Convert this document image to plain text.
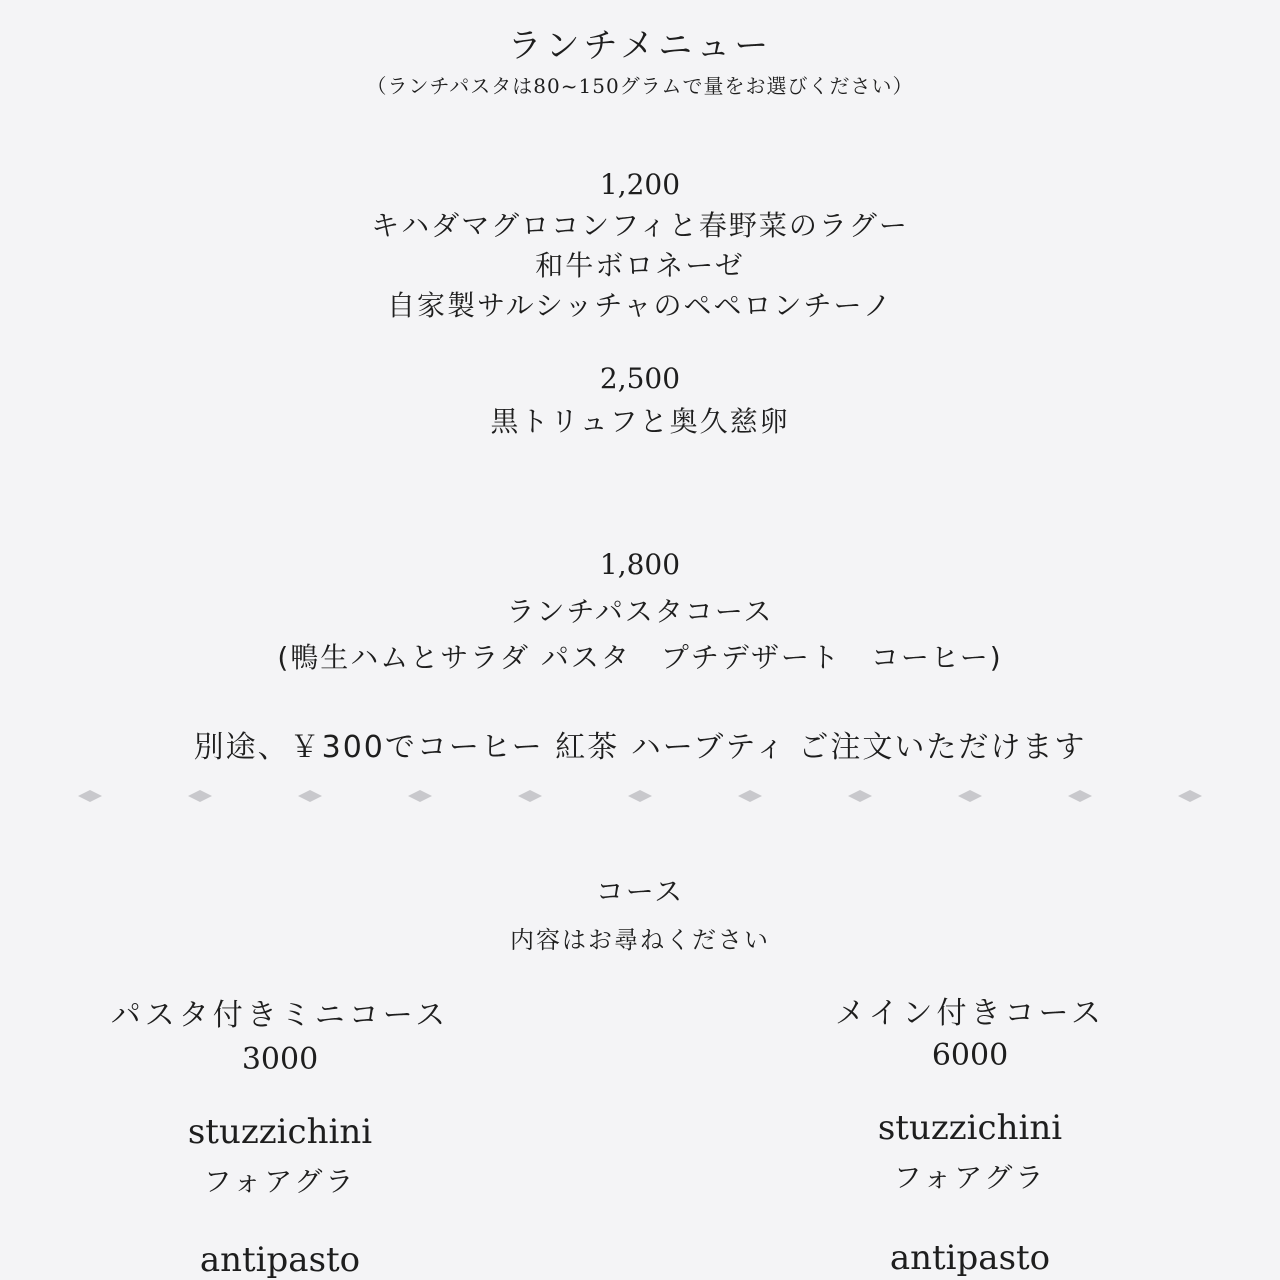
ランチメニュー
（ランチパスタは80~150グラムで量をお選びください）
1,200
キハダマグロコンフィと春野菜のラグー
和牛ボロネーゼ
自家製サルシッチャのペペロンチーノ
2,500
黒トリュフと奥久慈卵
1,800
ランチパスタコース
(鴨生ハムとサラダ パスタ　プチデザート　コーヒー)
別途、￥300でコーヒー 紅茶 ハーブティ ご注文いただけます
コース
内容はお尋ねください
パスタ付きミニコース
3000
stuzzichini
フォアグラ
antipasto
メイン付きコース
6000
stuzzichini
フォアグラ
antipasto
